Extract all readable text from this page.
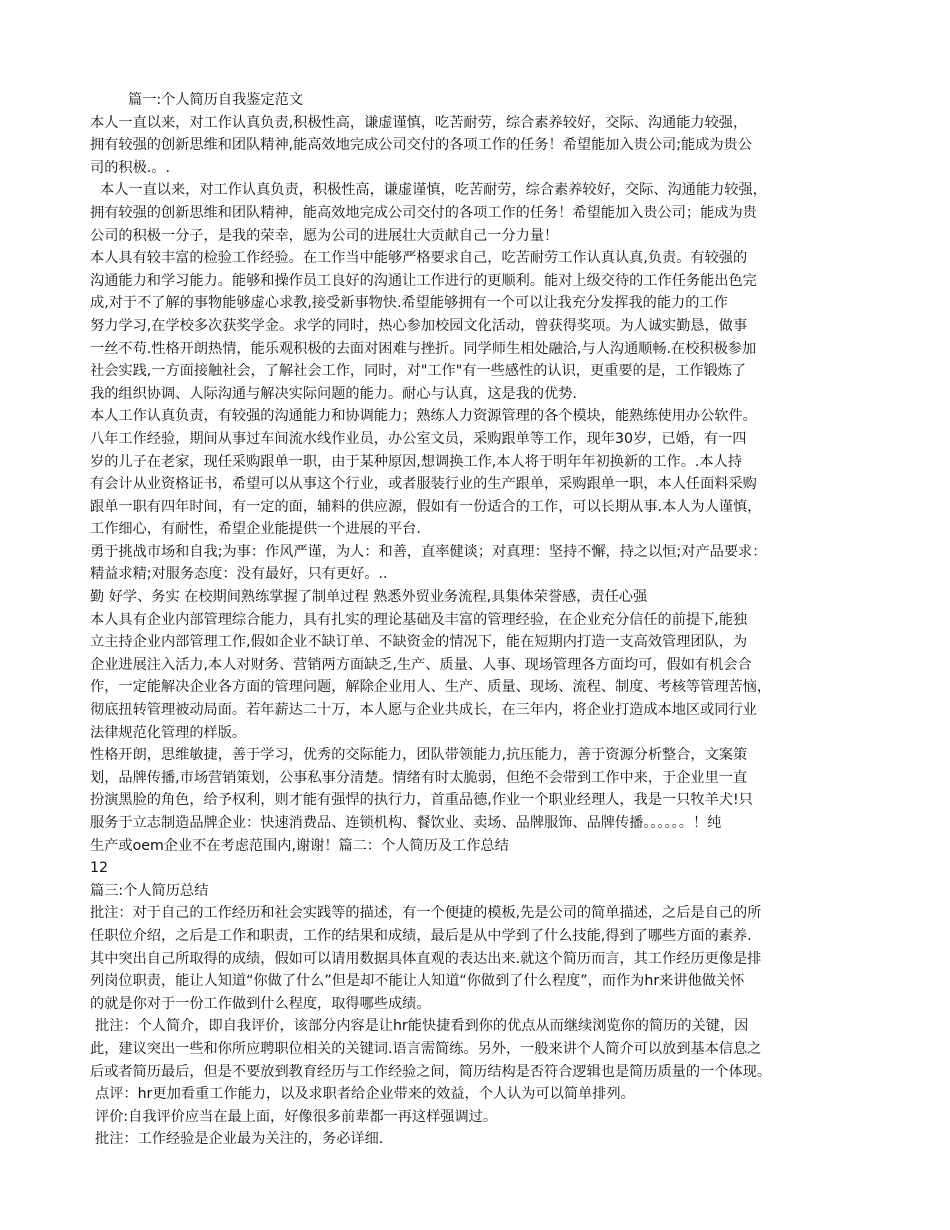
篇一:个人简历自我鉴定范文
本人一直以来，对工作认真负责,积极性高，谦虚谨慎，吃苦耐劳，综合素养较好，交际、沟通能力较强，
拥有较强的创新思维和团队精神,能高效地完成公司交付的各项工作的任务！希望能加入贵公司;能成为贵公
司的积极.。.
本人一直以来，对工作认真负责，积极性高，谦虚谨慎，吃苦耐劳，综合素养较好，交际、沟通能力较强，
拥有较强的创新思维和团队精神，能高效地完成公司交付的各项工作的任务！希望能加入贵公司；能成为贵
公司的积极一分子，是我的荣幸，愿为公司的进展壮大贡献自己一分力量！
本人具有较丰富的检验工作经验。在工作当中能够严格要求自己，吃苦耐劳工作认真认真,负责。有较强的
沟通能力和学习能力。能够和操作员工良好的沟通让工作进行的更顺利。能对上级交待的工作任务能出色完
成,对于不了解的事物能够虚心求教,接受新事物快.希望能够拥有一个可以让我充分发挥我的能力的工作
努力学习,在学校多次获奖学金。求学的同时，热心参加校园文化活动，曾获得奖项。为人诚实勤恳，做事
一丝不苟.性格开朗热情，能乐观积极的去面对困难与挫折。同学师生相处融洽,与人沟通顺畅.在校积极参加
社会实践,一方面接触社会，了解社会工作，同时，对"工作"有一些感性的认识，更重要的是，工作锻炼了
我的组织协调、人际沟通与解决实际问题的能力。耐心与认真，这是我的优势.
本人工作认真负责，有较强的沟通能力和协调能力；熟练人力资源管理的各个模块，能熟练使用办公软件。
八年工作经验，期间从事过车间流水线作业员，办公室文员，采购跟单等工作，现年30岁，已婚，有一四
岁的儿子在老家，现任采购跟单一职，由于某种原因,想调换工作,本人将于明年年初换新的工作。.本人持
有会计从业资格证书，希望可以从事这个行业，或者服装行业的生产跟单，采购跟单一职，本人任面料采购
跟单一职有四年时间，有一定的面，辅料的供应源，假如有一份适合的工作，可以长期从事.本人为人谨慎，
工作细心，有耐性，希望企业能提供一个进展的平台.
勇于挑战市场和自我;为事：作风严谨，为人：和善，直率健谈；对真理：坚持不懈，持之以恒;对产品要求：
精益求精;对服务态度：没有最好，只有更好。..
勤 好学、务实 在校期间熟练掌握了制单过程 熟悉外贸业务流程,具集体荣誉感，责任心强
本人具有企业内部管理综合能力，具有扎实的理论基础及丰富的管理经验，在企业充分信任的前提下,能独
立主持企业内部管理工作,假如企业不缺订单、不缺资金的情况下，能在短期内打造一支高效管理团队，为
企业进展注入活力,本人对财务、营销两方面缺乏,生产、质量、人事、现场管理各方面均可，假如有机会合
作，一定能解决企业各方面的管理问题，解除企业用人、生产、质量、现场、流程、制度、考核等管理苦恼，
彻底扭转管理被动局面。若年薪达二十万，本人愿与企业共成长，在三年内，将企业打造成本地区或同行业
法律规范化管理的样版。
性格开朗，思维敏捷，善于学习，优秀的交际能力，团队带领能力,抗压能力，善于资源分析整合，文案策
划，品牌传播,市场营销策划，公事私事分清楚。情绪有时太脆弱，但绝不会带到工作中来，于企业里一直
扮演黑脸的角色，给予权利，则才能有强悍的执行力，首重品德,作业一个职业经理人，我是一只牧羊犬!只
服务于立志制造品牌企业：快速消费品、连锁机构、餐饮业、卖场、品牌服饰、品牌传播。。。。。。！纯
生产或oem企业不在考虑范围内,谢谢！篇二：个人简历及工作总结
12
篇三:个人简历总结
批注：对于自己的工作经历和社会实践等的描述，有一个便捷的模板,先是公司的简单描述，之后是自己的所
任职位介绍，之后是工作和职责，工作的结果和成绩，最后是从中学到了什么技能,得到了哪些方面的素养.
其中突出自己所取得的成绩，假如可以请用数据具体直观的表达出来.就这个简历而言，其工作经历更像是排
列岗位职责，能让人知道“你做了什么”但是却不能让人知道“你做到了什么程度”，而作为hr来讲他做关怀
的就是你对于一份工作做到什么程度，取得哪些成绩。
批注：个人简介，即自我评价，该部分内容是让hr能快捷看到你的优点从而继续浏览你的简历的关键，因
此，建议突出一些和你所应聘职位相关的关键词.语言需简练。另外，一般来讲个人简介可以放到基本信息之
后或者简历最后，但是不要放到教育经历与工作经验之间，简历结构是否符合逻辑也是简历质量的一个体现。
点评：hr更加看重工作能力，以及求职者给企业带来的效益，个人认为可以简单排列。
评价:自我评价应当在最上面，好像很多前辈都一再这样强调过。
批注：工作经验是企业最为关注的，务必详细.
